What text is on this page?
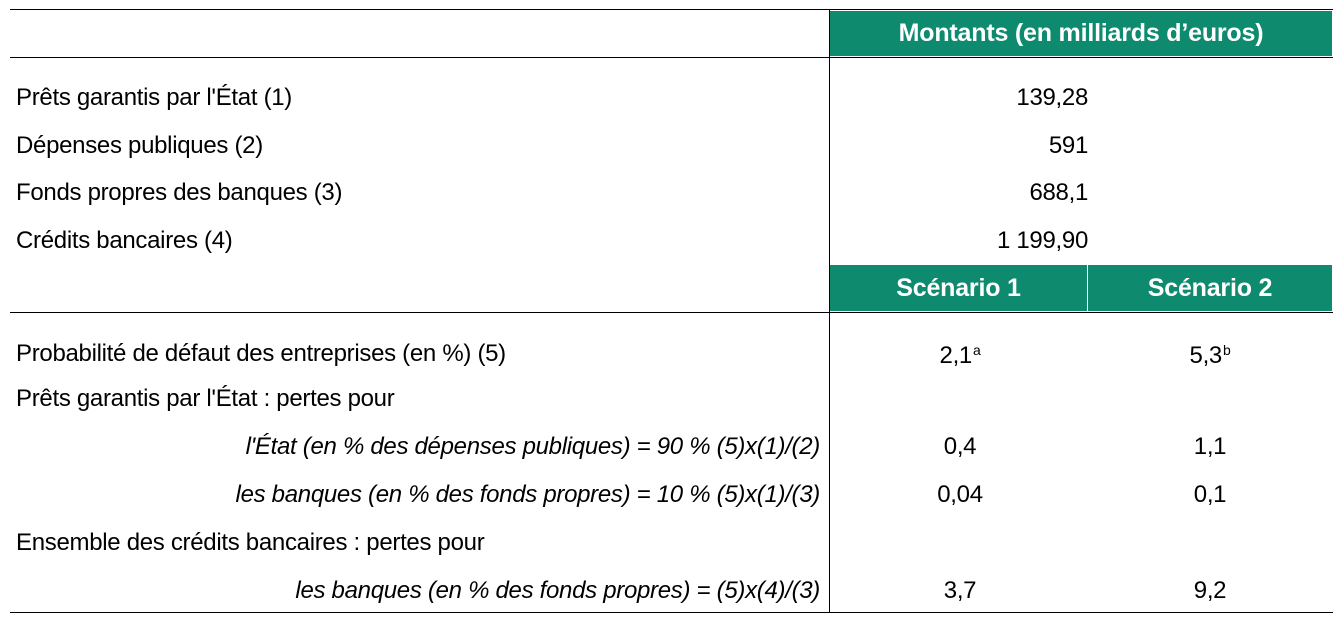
Montants (en milliards d’euros)
Scénario 1	Scénario 2
Prêts garantis par l'État (1)	139,28
Dépenses publiques (2)	591
Fonds propres des banques (3)	688,1
Crédits bancaires (4)	1 199,90
Probabilité de défaut des entreprises (en %) (5)	2,1$^a$	5,3$^b$
Prêts garantis par l'État : pertes pour
l'État (en % des dépenses publiques) = 90 % (5)x(1)/(2)	0,4	1,1
les banques (en % des fonds propres) = 10 % (5)x(1)/(3)	0,04	0,1
Ensemble des crédits bancaires : pertes pour
les banques (en % des fonds propres) = (5)x(4)/(3)	3,7	9,2
